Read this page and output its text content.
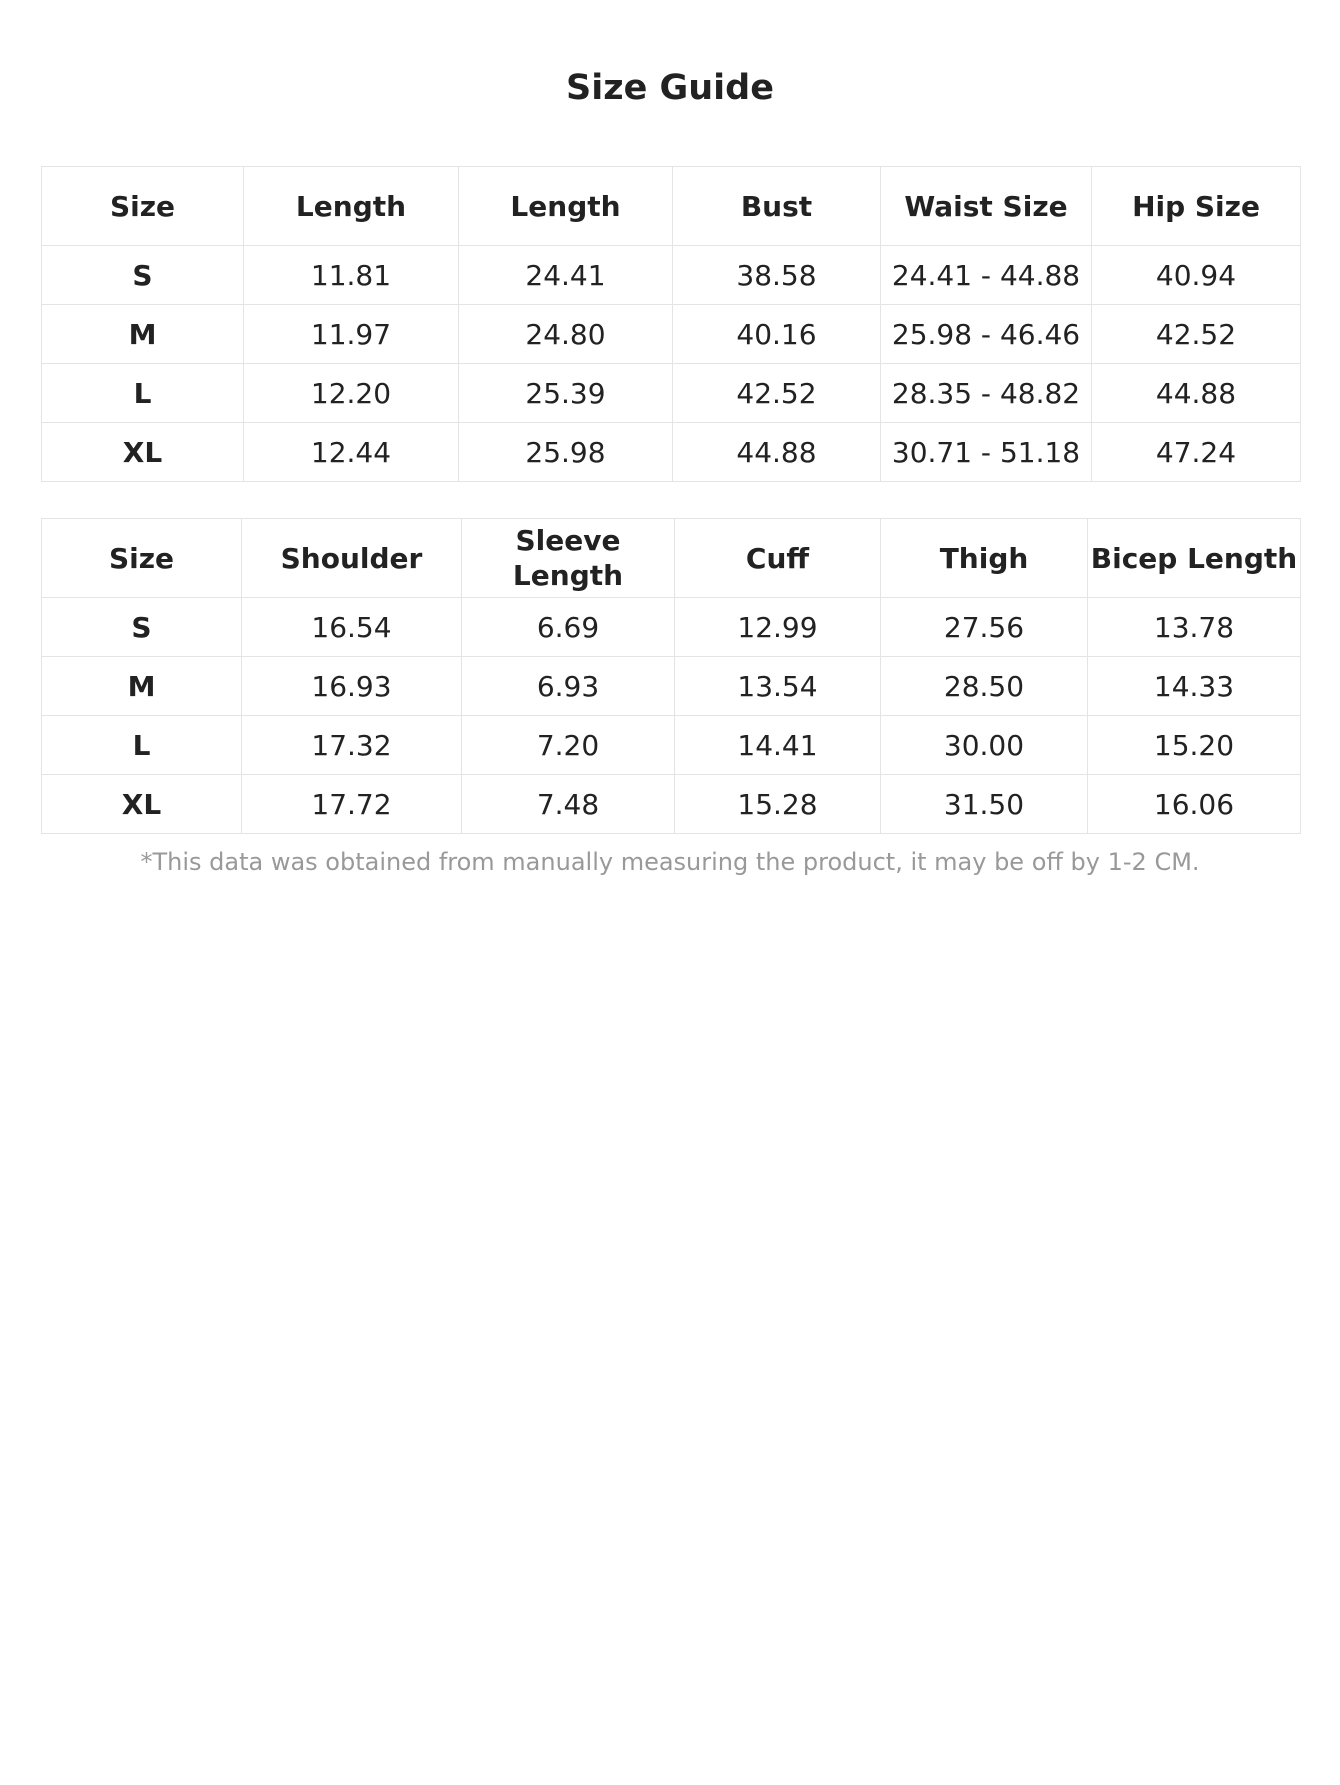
Size Guide
Size	Length	Length	Bust	Waist Size	Hip Size
S	11.81	24.41	38.58	24.41 - 44.88	40.94
M	11.97	24.80	40.16	25.98 - 46.46	42.52
L	12.20	25.39	42.52	28.35 - 48.82	44.88
XL	12.44	25.98	44.88	30.71 - 51.18	47.24
Size	Shoulder	Sleeve Length	Cuff	Thigh	Bicep Length
S	16.54	6.69	12.99	27.56	13.78
M	16.93	6.93	13.54	28.50	14.33
L	17.32	7.20	14.41	30.00	15.20
XL	17.72	7.48	15.28	31.50	16.06
*This data was obtained from manually measuring the product, it may be off by 1-2 CM.
